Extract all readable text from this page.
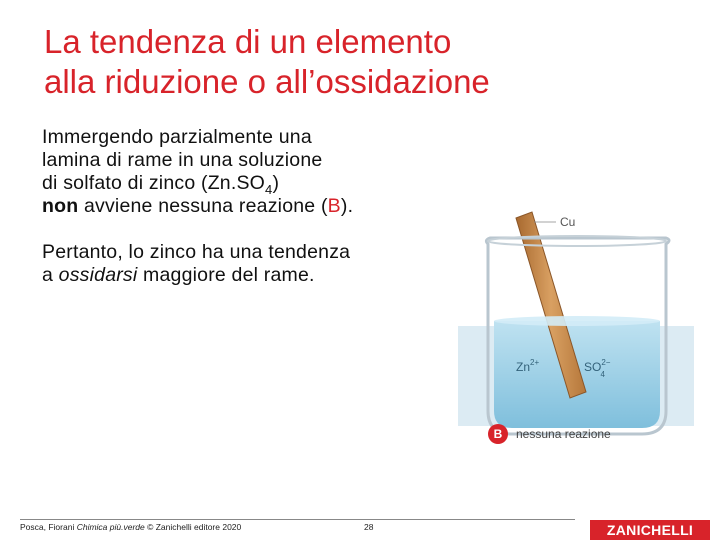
La tendenza di un elemento
alla riduzione o all’ossidazione
Immergendo parzialmente una
lamina di rame in una soluzione
di solfato di zinco $(Zn.SO_4)$
non avviene nessuna reazione (B).
Pertanto, lo zinco ha una tendenza
a ossidarsi maggiore del rame.
Cu
$Zn^{2+}$	$SO^{2-}$ 4
B nessuna reazione
Posca, Fiorani Chimica più.verde © Zanichelli editore 2020	28	ZANICHELLI
